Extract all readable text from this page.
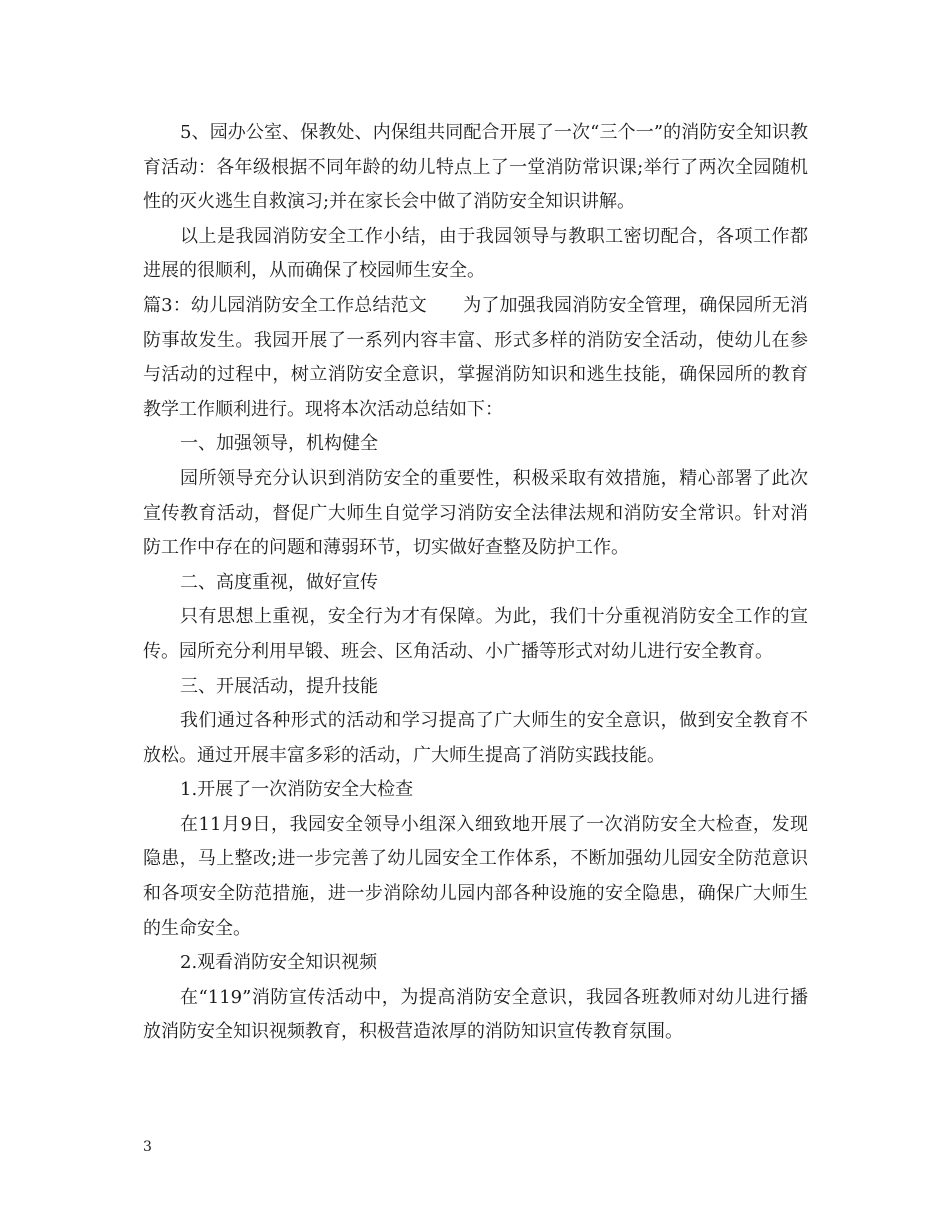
5、园办公室、保教处、内保组共同配合开展了一次“三个一”的消防安全知识教育活动：各年级根据不同年龄的幼儿特点上了一堂消防常识课;举行了两次全园随机性的灭火逃生自救演习;并在家长会中做了消防安全知识讲解。

以上是我园消防安全工作小结，由于我园领导与教职工密切配合，各项工作都进展的很顺利，从而确保了校园师生安全。

篇3：幼儿园消防安全工作总结范文　　为了加强我园消防安全管理，确保园所无消防事故发生。我园开展了一系列内容丰富、形式多样的消防安全活动，使幼儿在参与活动的过程中，树立消防安全意识，掌握消防知识和逃生技能，确保园所的教育教学工作顺利进行。现将本次活动总结如下：

一、加强领导，机构健全

园所领导充分认识到消防安全的重要性，积极采取有效措施，精心部署了此次宣传教育活动，督促广大师生自觉学习消防安全法律法规和消防安全常识。针对消防工作中存在的问题和薄弱环节，切实做好查整及防护工作。

二、高度重视，做好宣传

只有思想上重视，安全行为才有保障。为此，我们十分重视消防安全工作的宣传。园所充分利用早锻、班会、区角活动、小广播等形式对幼儿进行安全教育。

三、开展活动，提升技能

我们通过各种形式的活动和学习提高了广大师生的安全意识，做到安全教育不放松。通过开展丰富多彩的活动，广大师生提高了消防实践技能。

1.开展了一次消防安全大检查

在11月9日，我园安全领导小组深入细致地开展了一次消防安全大检查，发现隐患，马上整改;进一步完善了幼儿园安全工作体系，不断加强幼儿园安全防范意识和各项安全防范措施，进一步消除幼儿园内部各种设施的安全隐患，确保广大师生的生命安全。

2.观看消防安全知识视频

在“119”消防宣传活动中，为提高消防安全意识，我园各班教师对幼儿进行播放消防安全知识视频教育，积极营造浓厚的消防知识宣传教育氛围。

3
